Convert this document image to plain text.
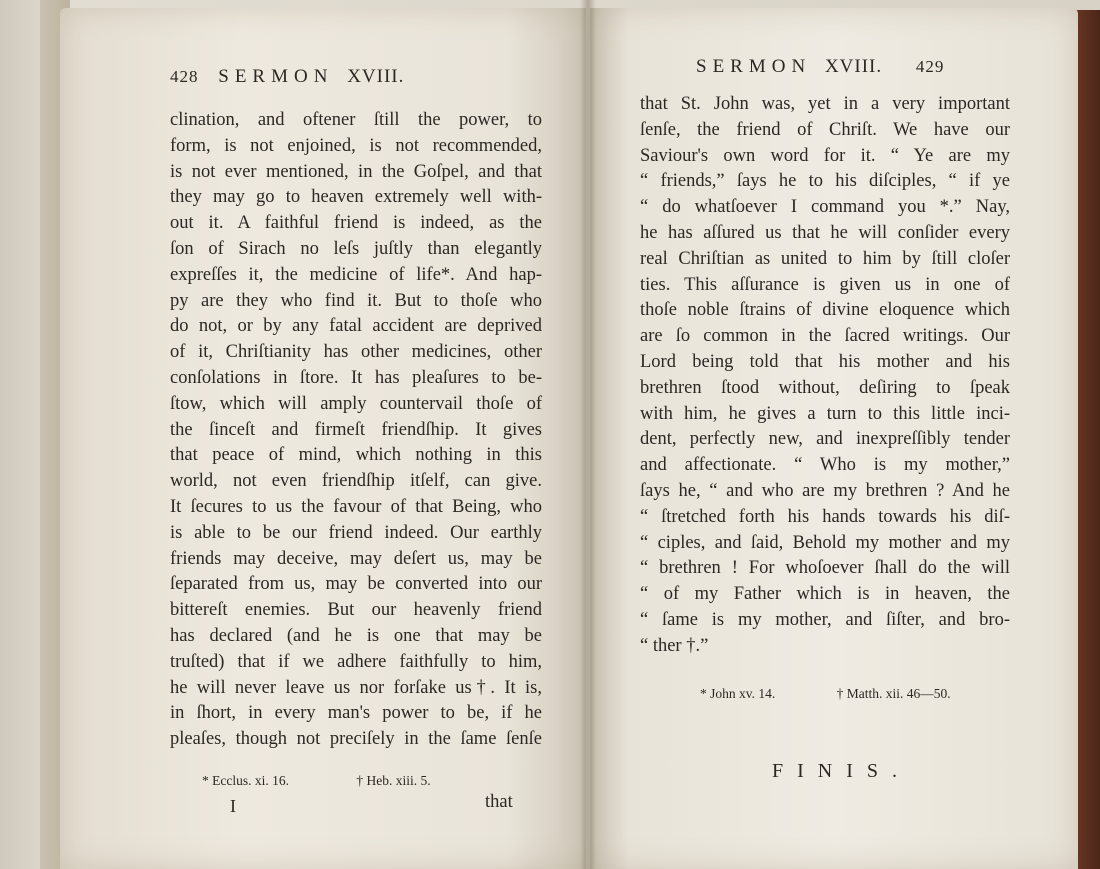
428 SERMON XVIII.
clination, and oftener ſtill the power, to
form, is not enjoined, is not recommended,
is not ever mentioned, in the Goſpel, and that
they may go to heaven extremely well with-
out it. A faithful friend is indeed, as the
ſon of Sirach no leſs juſtly than elegantly
expreſſes it, the medicine of life*. And hap-
py are they who find it. But to thoſe who
do not, or by any fatal accident are deprived
of it, Chriſtianity has other medicines, other
conſolations in ſtore. It has pleaſures to be-
ſtow, which will amply countervail thoſe of
the ſinceſt and firmeſt friendſhip. It gives
that peace of mind, which nothing in this
world, not even friendſhip itſelf, can give.
It ſecures to us the favour of that Being, who
is able to be our friend indeed. Our earthly
friends may deceive, may deſert us, may be
ſeparated from us, may be converted into our
bittereſt enemies. But our heavenly friend
has declared (and he is one that may be
truſted) that if we adhere faithfully to him,
he will never leave us nor forſake us†. It is,
in ſhort, in every man's power to be, if he
pleaſes, though not preciſely in the ſame ſenſe
* Ecclus. xi. 16.	† Heb. xiii. 5.
I	that
SERMON XVIII. 429
that St. John was, yet in a very important
ſenſe, the friend of Chriſt. We have our
Saviour's own word for it. “ Ye are my
“ friends,” ſays he to his diſciples, “ if ye
“ do whatſoever I command you *.” Nay,
he has aſſured us that he will conſider every
real Chriſtian as united to him by ſtill cloſer
ties. This aſſurance is given us in one of
thoſe noble ſtrains of divine eloquence which
are ſo common in the ſacred writings. Our
Lord being told that his mother and his
brethren ſtood without, deſiring to ſpeak
with him, he gives a turn to this little inci-
dent, perfectly new, and inexpreſſibly tender
and affectionate. “ Who is my mother,”
ſays he, “ and who are my brethren ? And he
“ ſtretched forth his hands towards his diſ-
“ ciples, and ſaid, Behold my mother and my
“ brethren ! For whoſoever ſhall do the will
“ of my Father which is in heaven, the
“ ſame is my mother, and ſiſter, and bro-
“ ther †.”
* John xv. 14.	† Matth. xii. 46—50.
FINIS.
